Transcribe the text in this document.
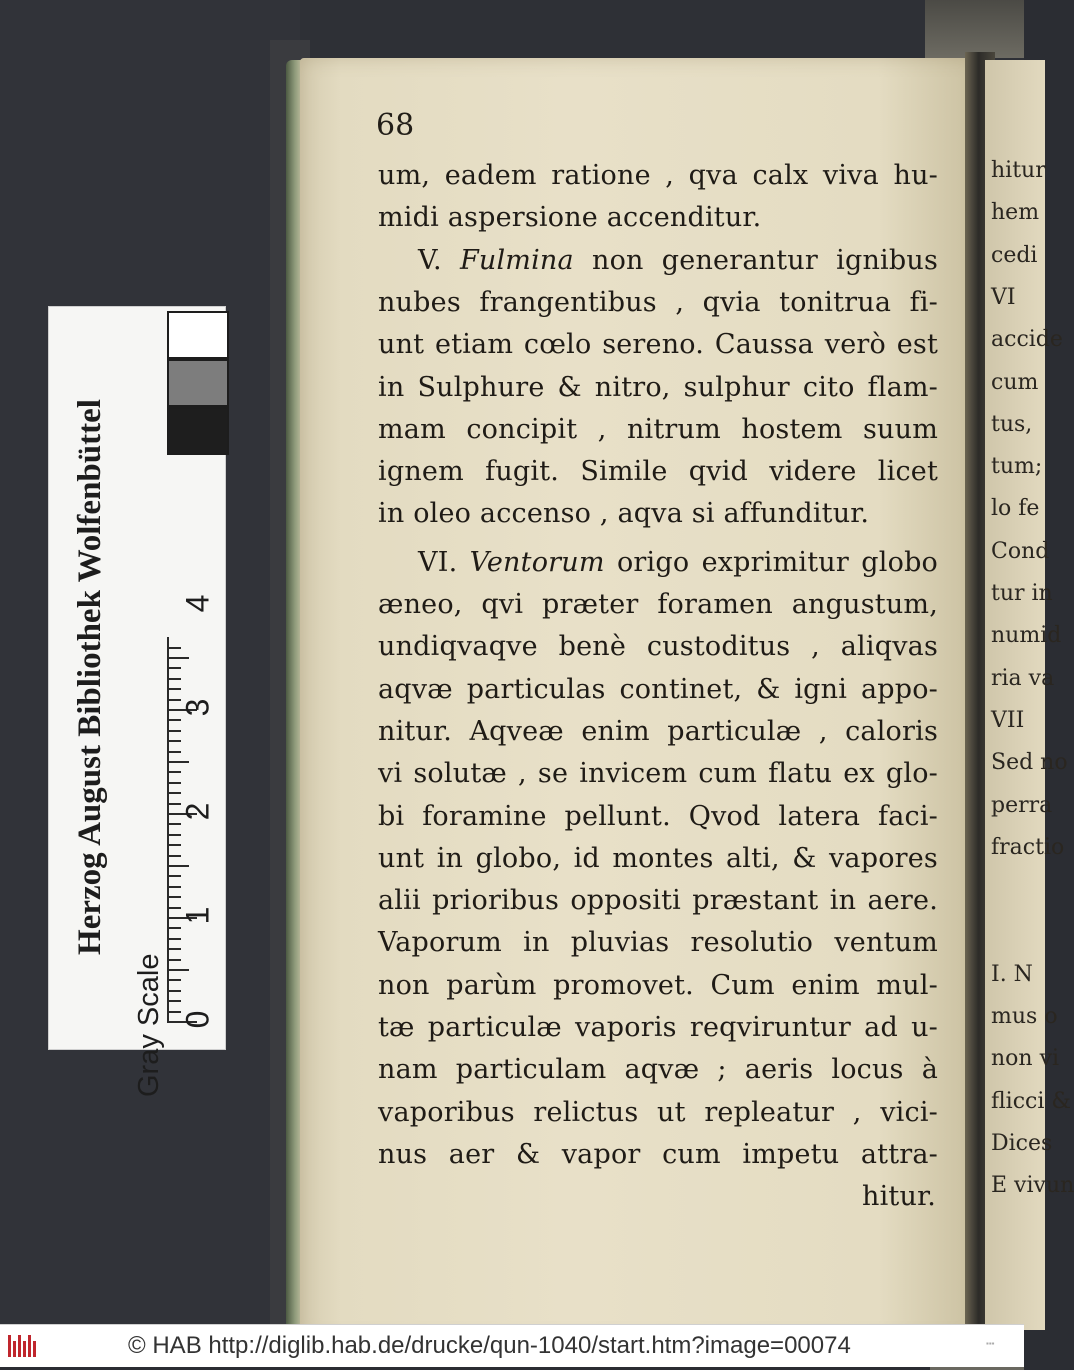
68
um, eadem ratione , qva calx viva hu-
midi aspersione accenditur.
V. Fulmina non generantur ignibus
nubes frangentibus , qvia tonitrua fi-
unt etiam cœlo sereno. Caussa verò est
in Sulphure & nitro, sulphur cito flam-
mam concipit , nitrum hostem suum
ignem fugit. Simile qvid videre licet
in oleo accenso , aqva si affunditur.
VI. Ventorum origo exprimitur globo
æneo, qvi præter foramen angustum,
undiqvaqve benè custoditus , aliqvas
aqvæ particulas continet, & igni appo-
nitur. Aqveæ enim particulæ , caloris
vi solutæ , se invicem cum flatu ex glo-
bi foramine pellunt. Qvod latera faci-
unt in globo, id montes alti, & vapores
alii prioribus oppositi præstant in aere.
Vaporum in pluvias resolutio ventum
non parùm promovet. Cum enim mul-
tæ particulæ vaporis reqviruntur ad u-
nam particulam aqvæ ; aeris locus à
vaporibus relictus ut repleatur , vici-
nus aer & vapor cum impetu attra-
hitur.
hitur
hem
cedi
VI
accide
cum
tus,
tum;
lo fe
Cond
tur in
numid
ria va
VII
Sed no
perra
fractio
I. N
mus o
non vi
flicci &
Dices
E vivun
Herzog August Bibliothek Wolfenbüttel
Gray Scale 0
1
2
3
4
© HAB http://diglib.hab.de/drucke/qun-1040/start.htm?image=00074	▪▪▪
